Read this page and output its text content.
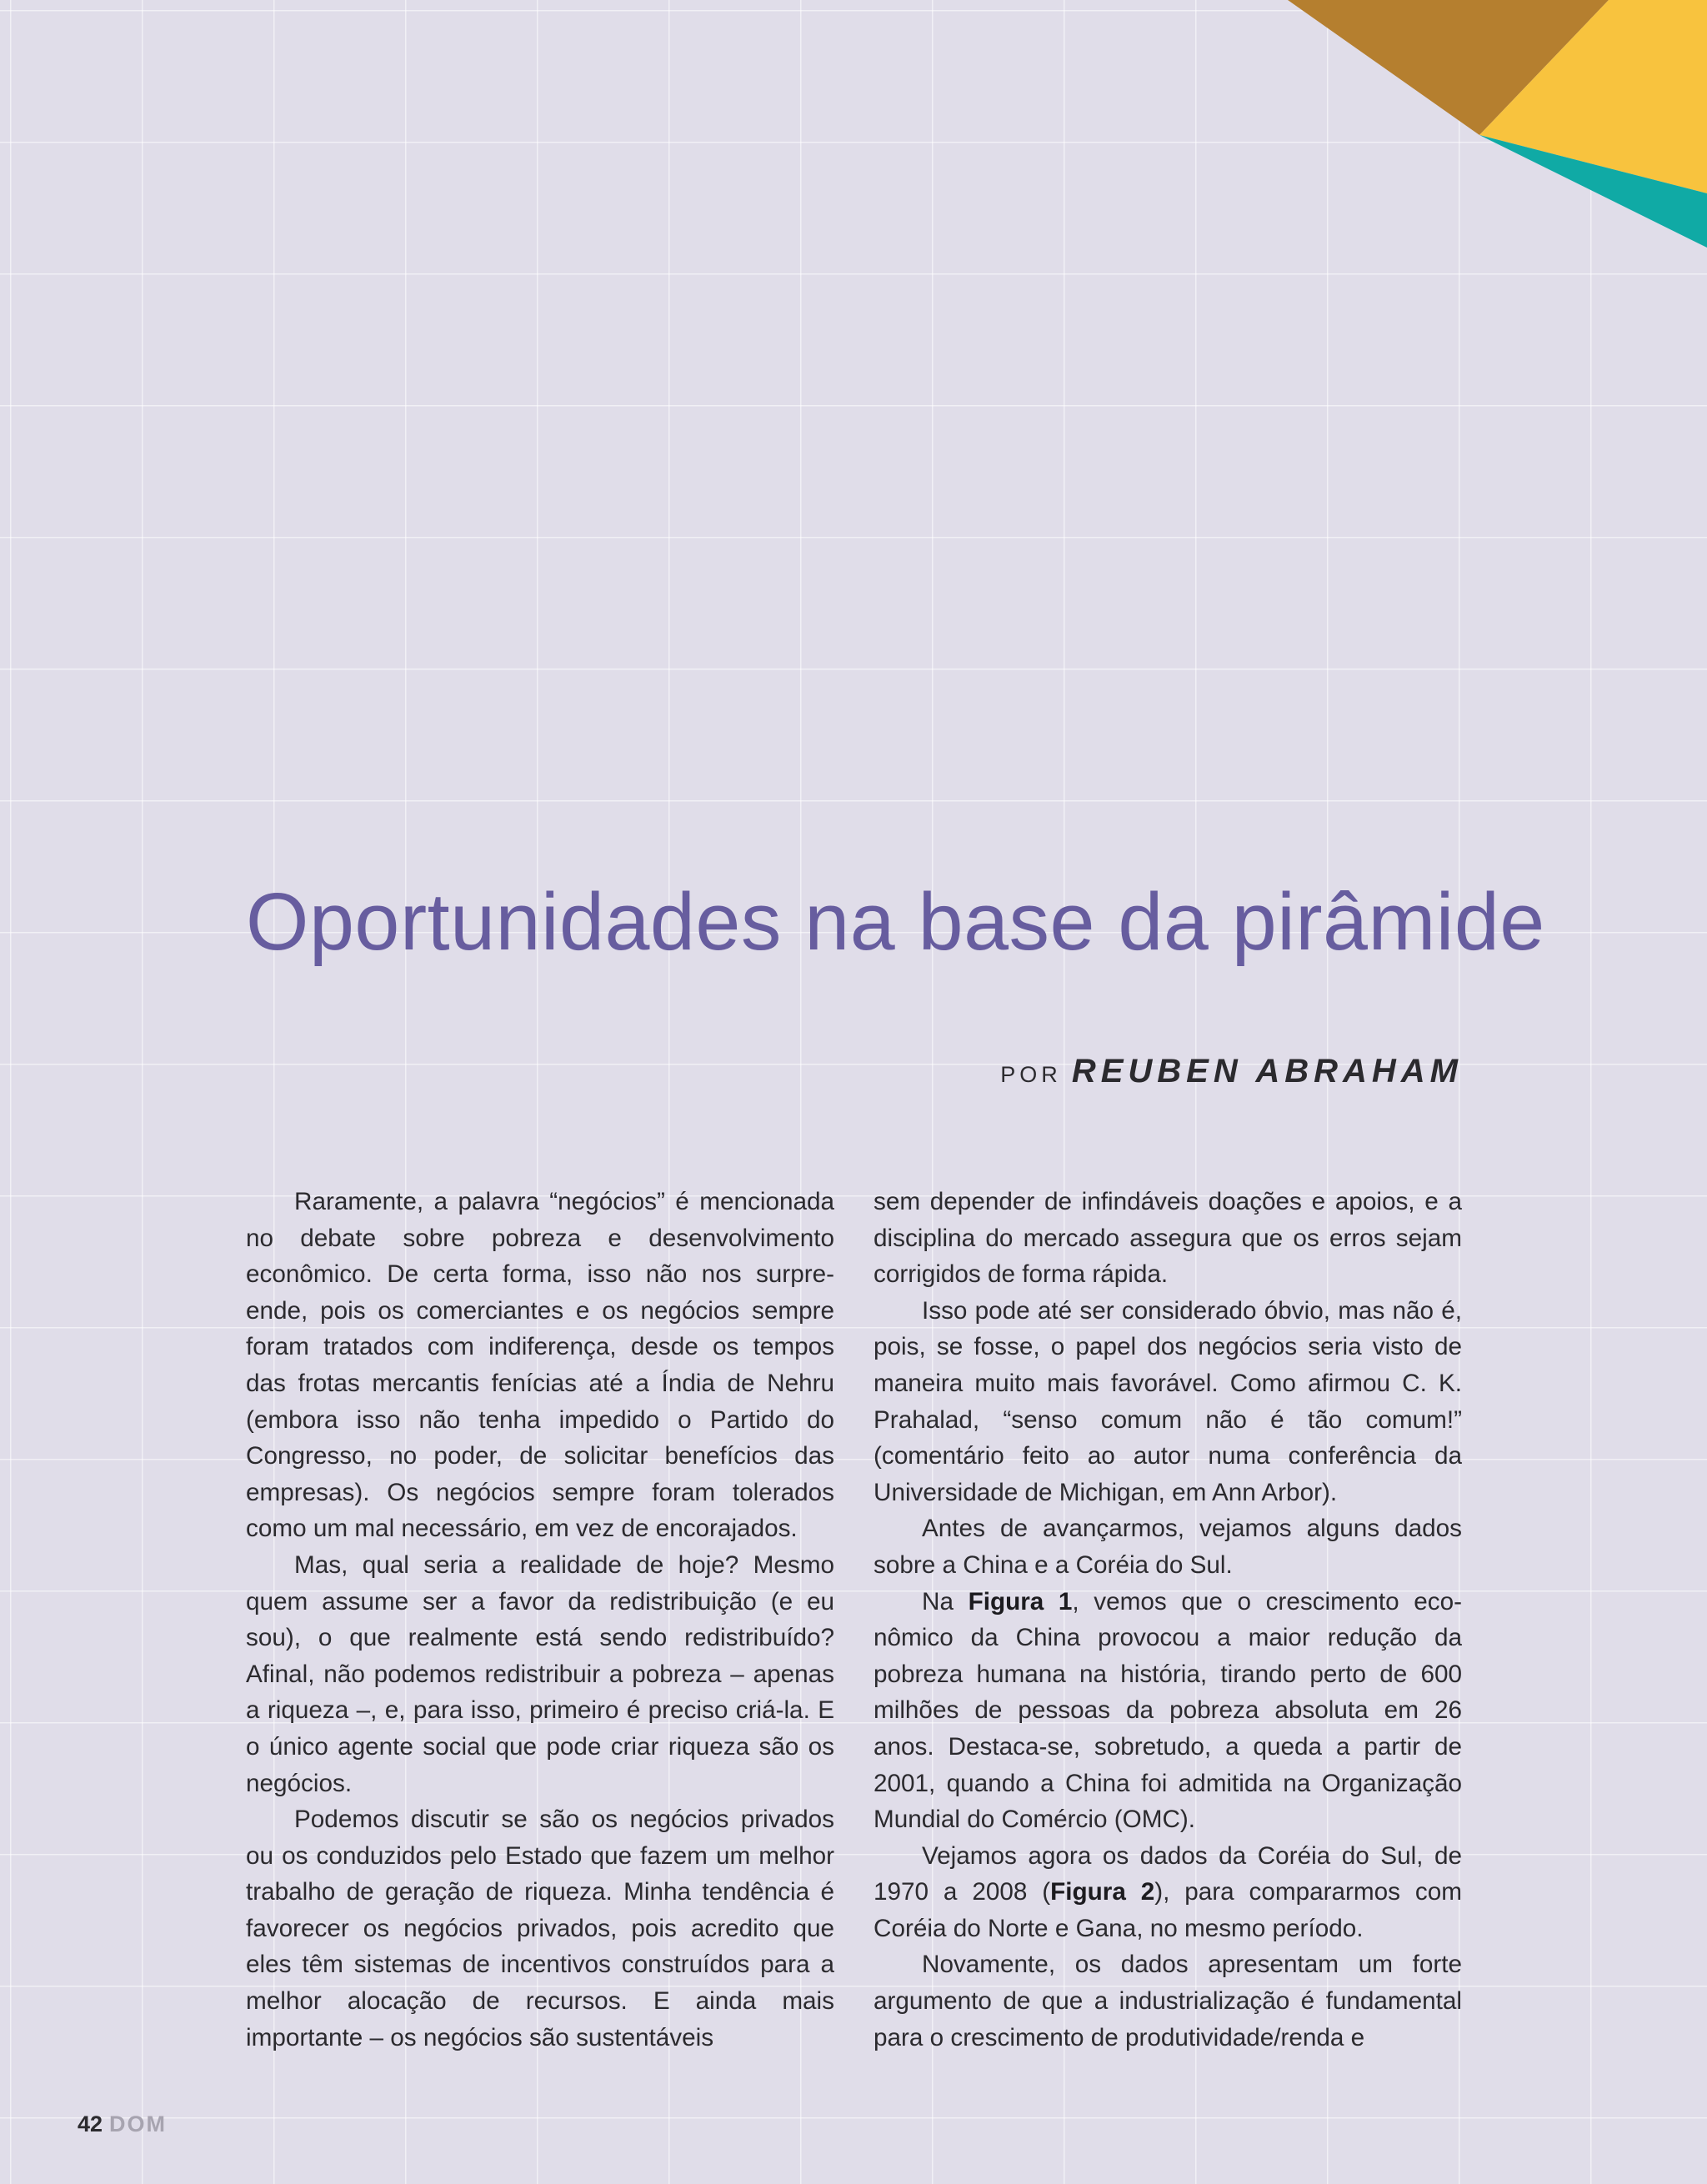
Oportunidades na base da pirâmide
POR REUBEN ABRAHAM

Raramente, a palavra “negócios” é mencionada no debate sobre pobreza e desenvolvimento econômico. De certa forma, isso não nos surpreende, pois os comerciantes e os negócios sempre foram tratados com indiferença, desde os tempos das frotas mercantis fenícias até a Índia de Nehru (embora isso não tenha impedido o Partido do Congresso, no poder, de solicitar benefícios das empresas). Os negócios sempre foram tolerados como um mal necessário, em vez de encorajados.

Mas, qual seria a realidade de hoje? Mesmo quem assume ser a favor da redistribuição (e eu sou), o que realmente está sendo redistribuído? Afinal, não podemos redistribuir a pobreza – apenas a riqueza –, e, para isso, primeiro é preciso criá-la. E o único agente social que pode criar riqueza são os negócios.

Podemos discutir se são os negócios privados ou os conduzidos pelo Estado que fazem um melhor trabalho de geração de riqueza. Minha tendência é favorecer os negócios privados, pois acredito que eles têm sistemas de incentivos construídos para a melhor alocação de recursos. E ainda mais importante – os negócios são sustentáveis

sem depender de infindáveis doações e apoios, e a disciplina do mercado assegura que os erros sejam corrigidos de forma rápida.

Isso pode até ser considerado óbvio, mas não é, pois, se fosse, o papel dos negócios seria visto de maneira muito mais favorável. Como afirmou C. K. Prahalad, “senso comum não é tão comum!” (comentário feito ao autor numa conferência da Universidade de Michigan, em Ann Arbor).

Antes de avançarmos, vejamos alguns dados sobre a China e a Coréia do Sul.

Na Figura 1, vemos que o crescimento econômico da China provocou a maior redução da pobreza humana na história, tirando perto de 600 milhões de pessoas da pobreza absoluta em 26 anos. Destaca-se, sobretudo, a queda a partir de 2001, quando a China foi admitida na Organização Mundial do Comércio (OMC).

Vejamos agora os dados da Coréia do Sul, de 1970 a 2008 (Figura 2), para compararmos com Coréia do Norte e Gana, no mesmo período.

Novamente, os dados apresentam um forte argumento de que a industrialização é fundamental para o crescimento de produtividade/renda e

42 DOM
